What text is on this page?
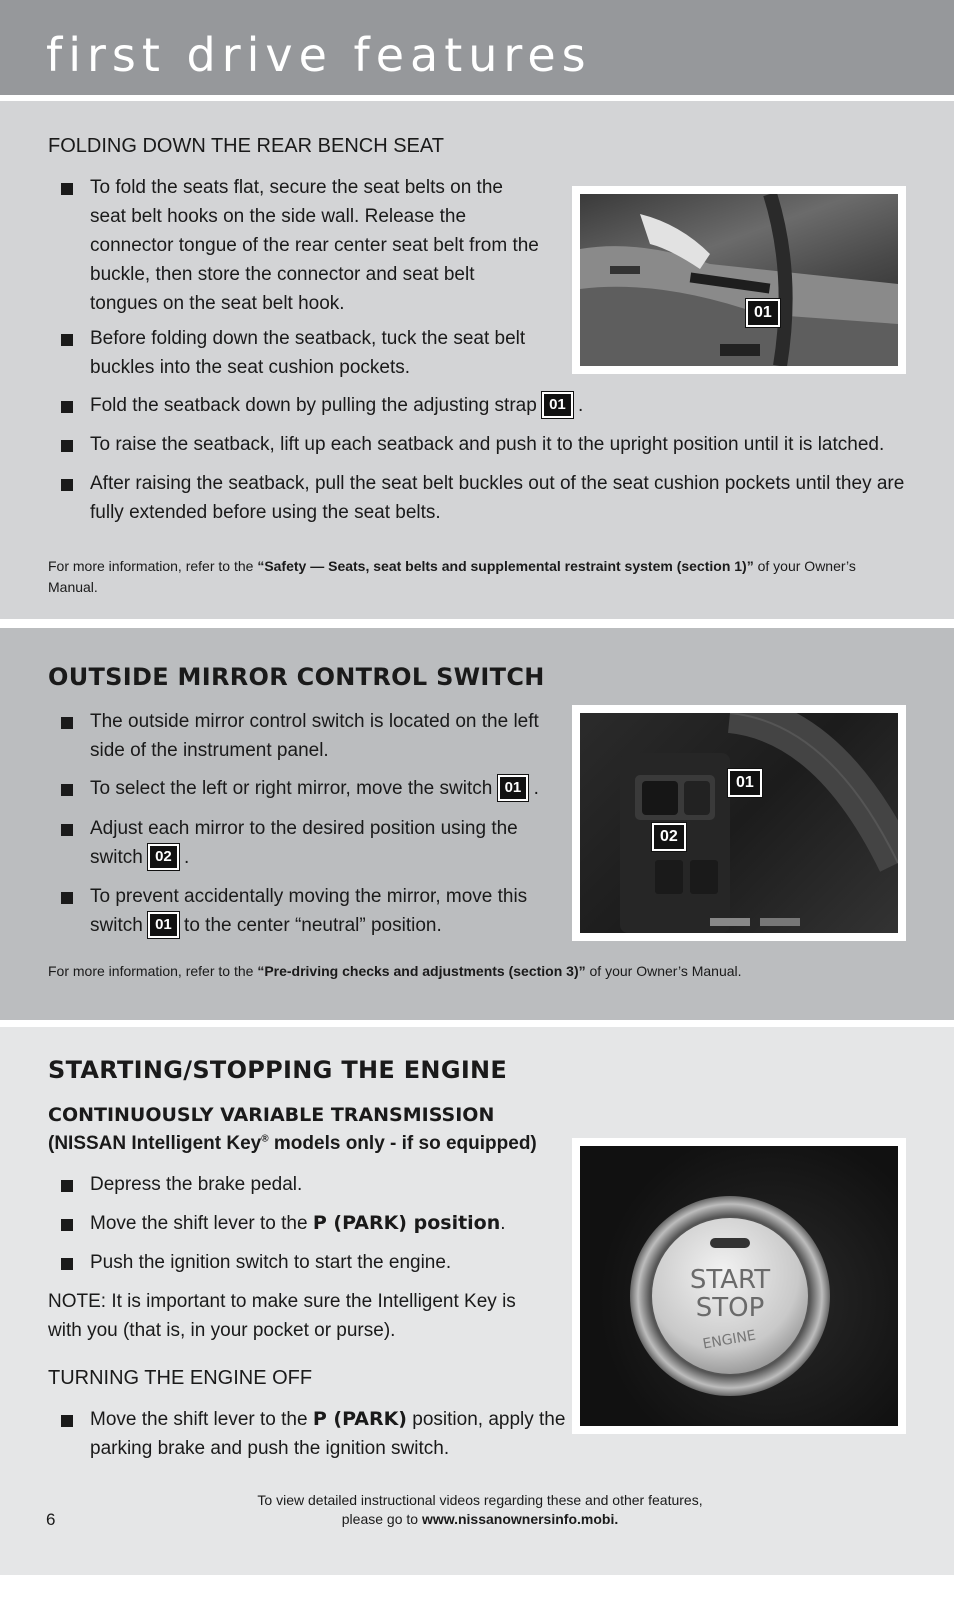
first drive features
FOLDING DOWN THE REAR BENCH SEAT
To fold the seats flat, secure the seat belts on the seat belt hooks on the side wall. Release the connector tongue of the rear center seat belt from the buckle, then store the connector and seat belt tongues on the seat belt hook.
Before folding down the seatback, tuck the seat belt buckles into the seat cushion pockets.
Fold the seatback down by pulling the adjusting strap 01 .
To raise the seatback, lift up each seatback and push it to the upright position until it is latched.
After raising the seatback, pull the seat belt buckles out of the seat cushion pockets until they are fully extended before using the seat belts.
For more information, refer to the “Safety — Seats, seat belts and supplemental restraint system (section 1)” of your Owner’s Manual.
01
OUTSIDE MIRROR CONTROL SWITCH
The outside mirror control switch is located on the left side of the instrument panel.
To select the left or right mirror, move the switch 01 .
Adjust each mirror to the desired position using the switch 02 .
To prevent accidentally moving the mirror, move this switch 01 to the center “neutral” position.
For more information, refer to the “Pre-driving checks and adjustments (section 3)” of your Owner’s Manual.
01
02
STARTING/STOPPING THE ENGINE
CONTINUOUSLY VARIABLE TRANSMISSION
(NISSAN Intelligent Key® models only - if so equipped)
Depress the brake pedal.
Move the shift lever to the P (PARK) position.
Push the ignition switch to start the engine.
NOTE: It is important to make sure the Intelligent Key is with you (that is, in your pocket or purse).
TURNING THE ENGINE OFF
Move the shift lever to the P (PARK) position, apply the parking brake and push the ignition switch.
START
STOP
ENGINE
To view detailed instructional videos regarding these and other features,
please go to www.nissanownersinfo.mobi.
6
